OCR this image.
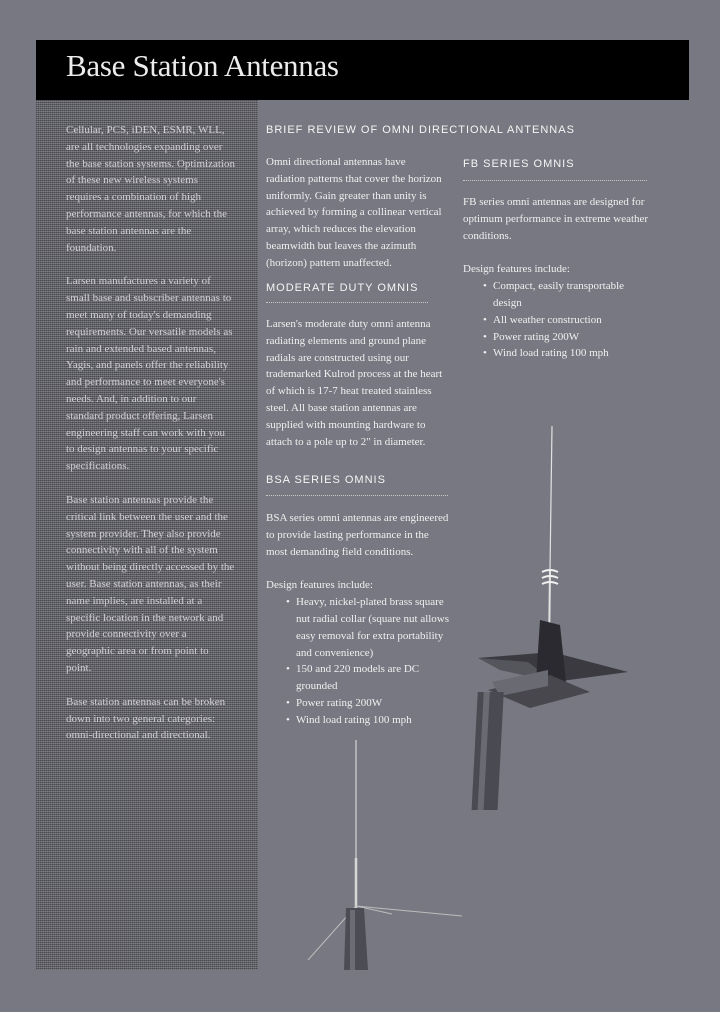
Base Station Antennas

Cellular, PCS, iDEN, ESMR, WLL, are all technologies expanding over the base station systems. Optimization of these new wireless systems requires a combination of high performance antennas, for which the base station antennas are the foundation.

Larsen manufactures a variety of small base and subscriber antennas to meet many of today's demanding requirements. Our versatile models as rain and extended based antennas, Yagis, and panels offer the reliability and performance to meet everyone's needs. And, in addition to our standard product offering, Larsen engineering staff can work with you to design antennas to your specific specifications.

Base station antennas provide the critical link between the user and the system provider. They also provide connectivity with all of the system without being directly accessed by the user. Base station antennas, as their name implies, are installed at a specific location in the network and provide connectivity over a geographic area or from point to point.

Base station antennas can be broken down into two general categories: omni-directional and directional.

BRIEF REVIEW OF OMNI DIRECTIONAL ANTENNAS

Omni directional antennas have radiation patterns that cover the horizon uniformly. Gain greater than unity is achieved by forming a collinear vertical array, which reduces the elevation beamwidth but leaves the azimuth (horizon) pattern unaffected.

MODERATE DUTY OMNIS

Larsen's moderate duty omni antenna radiating elements and ground plane radials are constructed using our trademarked Kulrod process at the heart of which is 17-7 heat treated stainless steel. All base station antennas are supplied with mounting hardware to attach to a pole up to 2" in diameter.

BSA SERIES OMNIS

BSA series omni antennas are engineered to provide lasting performance in the most demanding field conditions.

Design features include:
• Heavy, nickel-plated brass square nut radial collar (square nut allows easy removal for extra portability and convenience)
• 150 and 220 models are DC grounded
• Power rating 200W
• Wind load rating 100 mph
FB SERIES OMNIS

FB series omni antennas are designed for optimum performance in extreme weather conditions.

Design features include:
• Compact, easily transportable design
• All weather construction
• Power rating 200W
• Wind load rating 100 mph
